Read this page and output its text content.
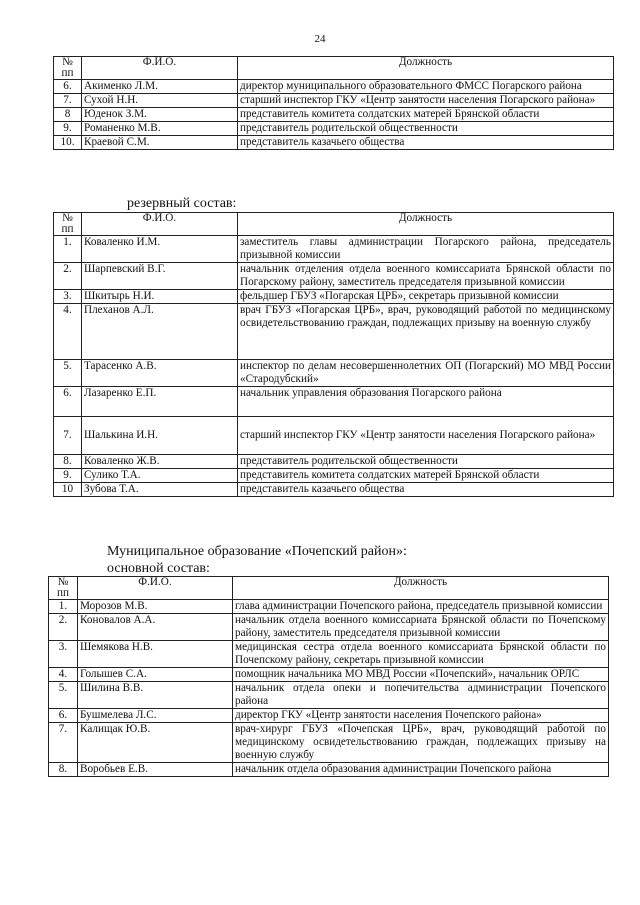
24
№ пп	Ф.И.О.	Должность
6.	Акименко Л.М.	директор муниципального образовательного ФМСС Погарского района
7.	Сухой Н.Н.	старший инспектор ГКУ «Центр занятости населения Погарского района»
8	Юденок З.М.	представитель комитета солдатских матерей Брянской области
9.	Романенко М.В.	представитель родительской общественности
10.	Краевой С.М.	представитель казачьего общества
резервный состав:
№ пп	Ф.И.О.	Должность
1.	Коваленко И.М.	заместитель главы администрации Погарского района, председатель призывной комиссии
2.	Шарпевский В.Г.	начальник отделения отдела военного комиссариата Брянской области по Погарскому району, заместитель председателя призывной комиссии
3.	Шкитырь Н.И.	фельдшер ГБУЗ «Погарская ЦРБ», секретарь призывной комиссии
4.	Плеханов А.Л.	врач ГБУЗ «Погарская ЦРБ», врач, руководящий работой по медицинскому освидетельствованию граждан, подлежащих призыву на военную службу
5.	Тарасенко А.В.	инспектор по делам несовершеннолетних ОП (Погарский) МО МВД России «Стародубский»
6.	Лазаренко Е.П.	начальник управления образования Погарского района
7.	Шалькина И.Н.	старший инспектор ГКУ «Центр занятости населения Погарского района»
8.	Коваленко Ж.В.	представитель родительской общественности
9.	Сулико Т.А.	представитель комитета солдатских матерей Брянской области
10	Зубова Т.А.	представитель казачьего общества
Муниципальное образование «Почепский район»:
основной состав:
№ пп	Ф.И.О.	Должность
1.	Морозов М.В.	глава администрации Почепского района, председатель призывной комиссии
2.	Коновалов А.А.	начальник отдела военного комиссариата Брянской области по Почепскому району, заместитель председателя призывной комиссии
3.	Шемякова Н.В.	медицинская сестра отдела военного комиссариата Брянской области по Почепскому району, секретарь призывной комиссии
4.	Голышев С.А.	помощник начальника МО МВД России «Почепский», начальник ОРЛС
5.	Шилина В.В.	начальник отдела опеки и попечительства администрации Почепского района
6.	Бушмелева Л.С.	директор ГКУ «Центр занятости населения Почепского района»
7.	Калищак Ю.В.	врач-хирург ГБУЗ «Почепская ЦРБ», врач, руководящий работой по медицинскому освидетельствованию граждан, подлежащих призыву на военную службу
8.	Воробьев Е.В.	начальник отдела образования администрации Почепского района
